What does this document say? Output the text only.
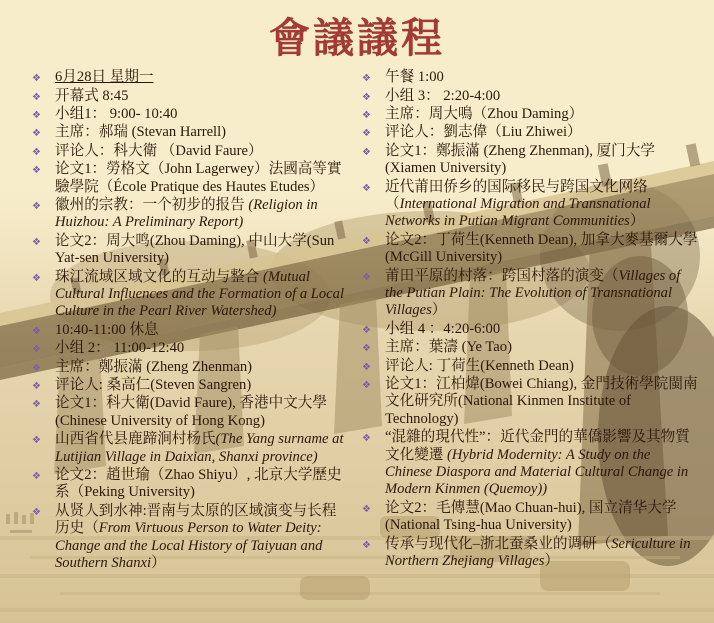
會議議程
❖ 6月28日 星期一
❖ 开幕式 8:45
❖ 小组1： 9:00- 10:40
❖ 主席：郝瑞 (Stevan Harrell)
❖ 评论人：科大衛 （David Faure）
❖ 论文1：勞格文（John Lagerwey）法國高等實驗學院（École Pratique des Hautes Etudes）
❖ 徽州的宗教：一个初步的报告 (Religion in Huizhou: A Preliminary Report)
❖ 论文2：周大鸣(Zhou Daming), 中山大学(Sun Yat-sen University)
❖ 珠江流域区域文化的互动与整合 (Mutual Cultural Influences and the Formation of a Local Culture in the Pearl River Watershed)
❖ 10:40-11:00 休息
❖ 小组 2： 11:00-12:40
❖ 主席：鄭振滿 (Zheng Zhenman)
❖ 评论人: 桑高仁(Steven Sangren)
❖ 论文1：科大衛(David Faure), 香港中文大學 (Chinese University of Hong Kong)
❖ 山西省代县鹿蹄涧村杨氏(The Yang surname at Lutijian Village in Daixian, Shanxi province)
❖ 论文2：趙世瑜（Zhao Shiyu）, 北京大学歷史系（Peking University)
❖ 从贤人到水神:晋南与太原的区域演变与长程历史（From Virtuous Person to Water Deity: Change and the Local History of Taiyuan and Southern Shanxi）
❖ 午餐 1:00
❖ 小组 3： 2:20-4:00
❖ 主席：周大鳴（Zhou Daming）
❖ 评论人：劉志偉（Liu Zhiwei）
❖ 论文1：鄭振滿 (Zheng Zhenman), 厦门大学(Xiamen University)
❖ 近代莆田侨乡的国际移民与跨国文化网络（International Migration and Transnational Networks in Putian Migrant Communities）
❖ 论文2：丁荷生(Kenneth Dean), 加拿大麥基爾大學(McGill University)
❖ 莆田平原的村落：跨国村落的演变（Villages of the Putian Plain: The Evolution of Transnational Villages）
❖ 小组 4 ：4:20-6:00
❖ 主席：葉濤 (Ye Tao)
❖ 评论人: 丁荷生(Kenneth Dean)
❖ 论文1：江柏煒(Bowei Chiang), 金門技術學院閩南文化研究所(National Kinmen Institute of Technology)
❖ “混雜的現代性”：近代金門的華僑影響及其物質文化變遷 (Hybrid Modernity: A Study on the Chinese Diaspora and Material Cultural Change in Modern Kinmen (Quemoy))
❖ 论文2：毛傳慧(Mao Chuan-hui), 国立清华大学 (National Tsing-hua University)
❖ 传承与现代化–浙北蚕桑业的调研（Sericulture in Northern Zhejiang Villages）
